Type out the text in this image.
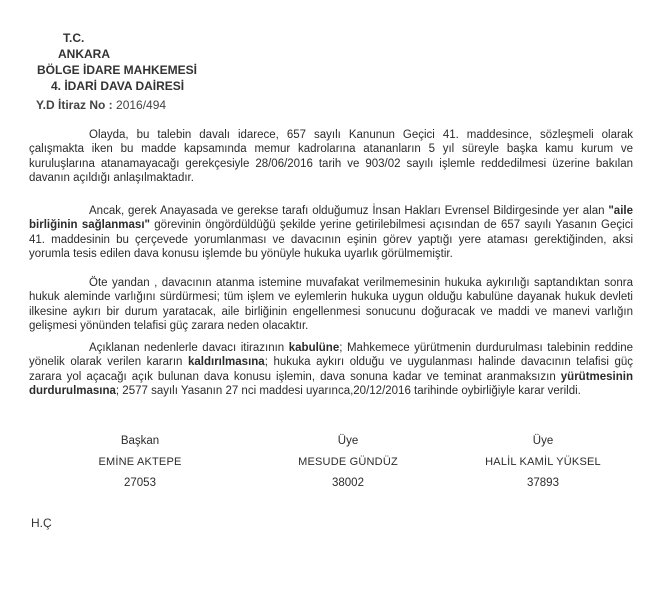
T.C.
ANKARA
BÖLGE İDARE MAHKEMESİ
4. İDARİ DAVA DAİRESİ
Y.D İtiraz No : 2016/494

Olayda, bu talebin davalı idarece, 657 sayılı Kanunun Geçici 41. maddesince, sözleşmeli olarak çalışmakta iken bu madde kapsamında memur kadrolarına atananların 5 yıl süreyle başka kamu kurum ve kuruluşlarına atanamayacağı gerekçesiyle 28/06/2016 tarih ve 903/02 sayılı işlemle reddedilmesi üzerine bakılan davanın açıldığı anlaşılmaktadır.

Ancak, gerek Anayasada ve gerekse tarafı olduğumuz İnsan Hakları Evrensel Bildirgesinde yer alan "aile birliğinin sağlanması" görevinin öngördüldüğü şekilde yerine getirilebilmesi açısından de 657 sayılı Yasanın Geçici 41. maddesinin bu çerçevede yorumlanması ve davacının eşinin görev yaptığı yere ataması gerektiğinden, aksi yorumla tesis edilen dava konusu işlemde bu yönüyle hukuka uyarlık görülmemiştir.

Öte yandan , davacının atanma istemine muvafakat verilmemesinin hukuka aykırılığı saptandıktan sonra hukuk aleminde varlığını sürdürmesi; tüm işlem ve eylemlerin hukuka uygun olduğu kabulüne dayanak hukuk devleti ilkesine aykırı bir durum yaratacak, aile birliğinin engellenmesi sonucunu doğuracak ve maddi ve manevi varlığın gelişmesi yönünden telafisi güç zarara neden olacaktır.

Açıklanan nedenlerle davacı itirazının kabulüne; Mahkemece yürütmenin durdurulması talebinin reddine yönelik olarak verilen kararın kaldırılmasına; hukuka aykırı olduğu ve uygulanması halinde davacının telafisi güç zarara yol açacağı açık bulunan dava konusu işlemin, dava sonuna kadar ve teminat aranmaksızın yürütmesinin durdurulmasına; 2577 sayılı Yasanın 27 nci maddesi uyarınca,20/12/2016 tarihinde oybirliğiyle karar verildi.

Başkan
EMİNE AKTEPE
27053
Üye
MESUDE GÜNDÜZ
38002
Üye
HALİL KAMİL YÜKSEL
37893
H.Ç
